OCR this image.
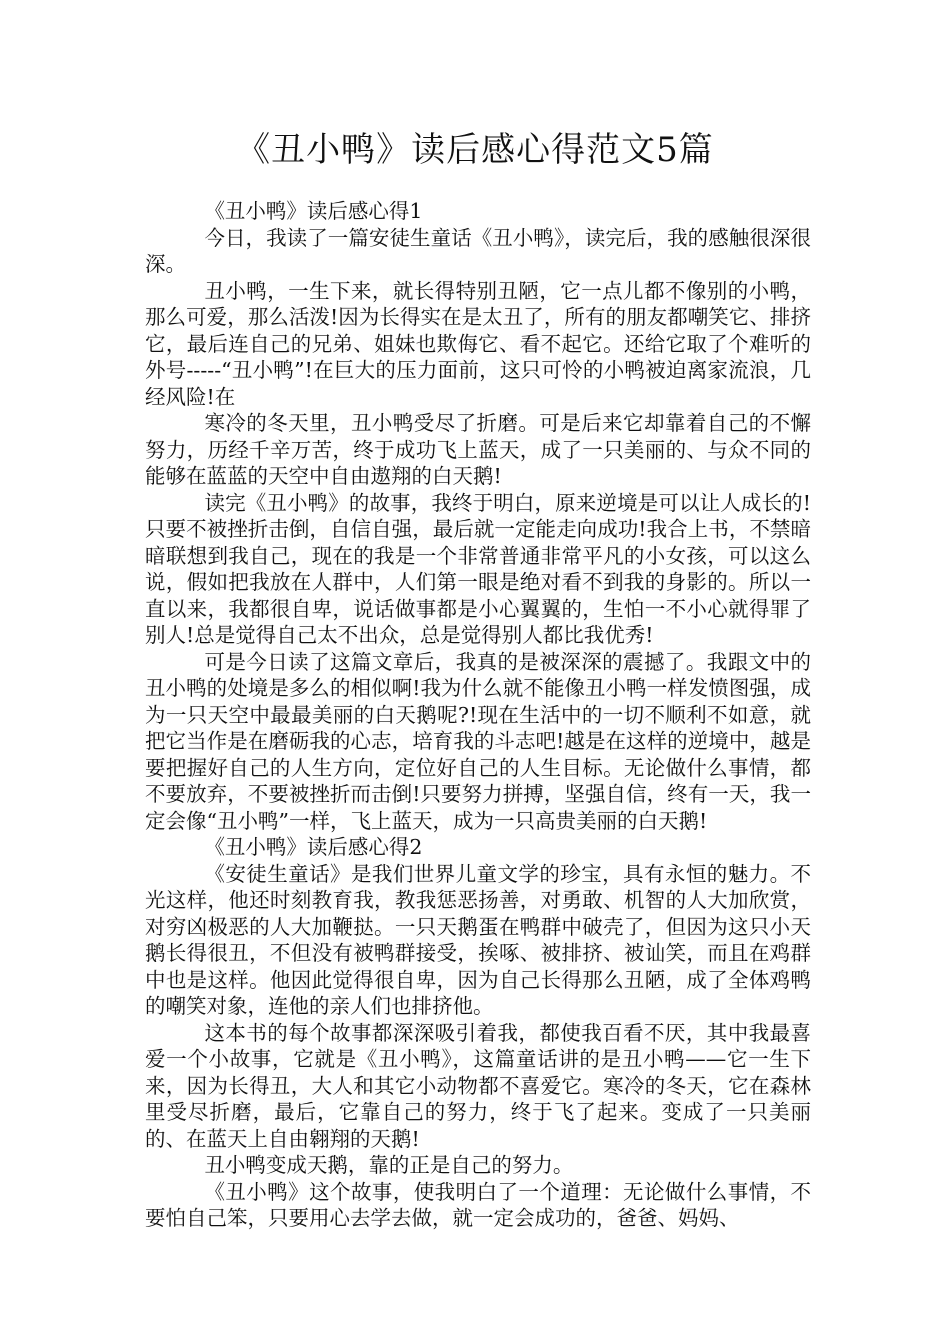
《丑小鸭》读后感心得范文5篇

《丑小鸭》读后感心得1

今日，我读了一篇安徒生童话《丑小鸭》，读完后，我的感触很深很深。

丑小鸭，一生下来，就长得特别丑陋，它一点儿都不像别的小鸭，那么可爱，那么活泼!因为长得实在是太丑了，所有的朋友都嘲笑它、排挤它，最后连自己的兄弟、姐妹也欺侮它、看不起它。还给它取了个难听的外号-----“丑小鸭”!在巨大的压力面前，这只可怜的小鸭被迫离家流浪，几经风险!在

寒冷的冬天里，丑小鸭受尽了折磨。可是后来它却靠着自己的不懈努力，历经千辛万苦，终于成功飞上蓝天，成了一只美丽的、与众不同的能够在蓝蓝的天空中自由遨翔的白天鹅!

读完《丑小鸭》的故事，我终于明白，原来逆境是可以让人成长的!只要不被挫折击倒，自信自强，最后就一定能走向成功!我合上书，不禁暗暗联想到我自己，现在的我是一个非常普通非常平凡的小女孩，可以这么说，假如把我放在人群中，人们第一眼是绝对看不到我的身影的。所以一直以来，我都很自卑，说话做事都是小心翼翼的，生怕一不小心就得罪了别人!总是觉得自己太不出众，总是觉得别人都比我优秀!

可是今日读了这篇文章后，我真的是被深深的震撼了。我跟文中的丑小鸭的处境是多么的相似啊!我为什么就不能像丑小鸭一样发愤图强，成为一只天空中最最美丽的白天鹅呢?!现在生活中的一切不顺利不如意，就把它当作是在磨砺我的心志，培育我的斗志吧!越是在这样的逆境中，越是要把握好自己的人生方向，定位好自己的人生目标。无论做什么事情，都不要放弃，不要被挫折而击倒!只要努力拼搏，坚强自信，终有一天，我一定会像“丑小鸭”一样，飞上蓝天，成为一只高贵美丽的白天鹅!

《丑小鸭》读后感心得2

《安徒生童话》是我们世界儿童文学的珍宝，具有永恒的魅力。不光这样，他还时刻教育我，教我惩恶扬善，对勇敢、机智的人大加欣赏，对穷凶极恶的人大加鞭挞。一只天鹅蛋在鸭群中破壳了，但因为这只小天鹅长得很丑，不但没有被鸭群接受，挨啄、被排挤、被讪笑，而且在鸡群中也是这样。他因此觉得很自卑，因为自己长得那么丑陋，成了全体鸡鸭的嘲笑对象，连他的亲人们也排挤他。

这本书的每个故事都深深吸引着我，都使我百看不厌，其中我最喜爱一个小故事，它就是《丑小鸭》，这篇童话讲的是丑小鸭——它一生下来，因为长得丑，大人和其它小动物都不喜爱它。寒冷的冬天，它在森林里受尽折磨，最后，它靠自己的努力，终于飞了起来。变成了一只美丽的、在蓝天上自由翱翔的天鹅!

丑小鸭变成天鹅，靠的正是自己的努力。

《丑小鸭》这个故事，使我明白了一个道理：无论做什么事情，不要怕自己笨，只要用心去学去做，就一定会成功的，爸爸、妈妈、
